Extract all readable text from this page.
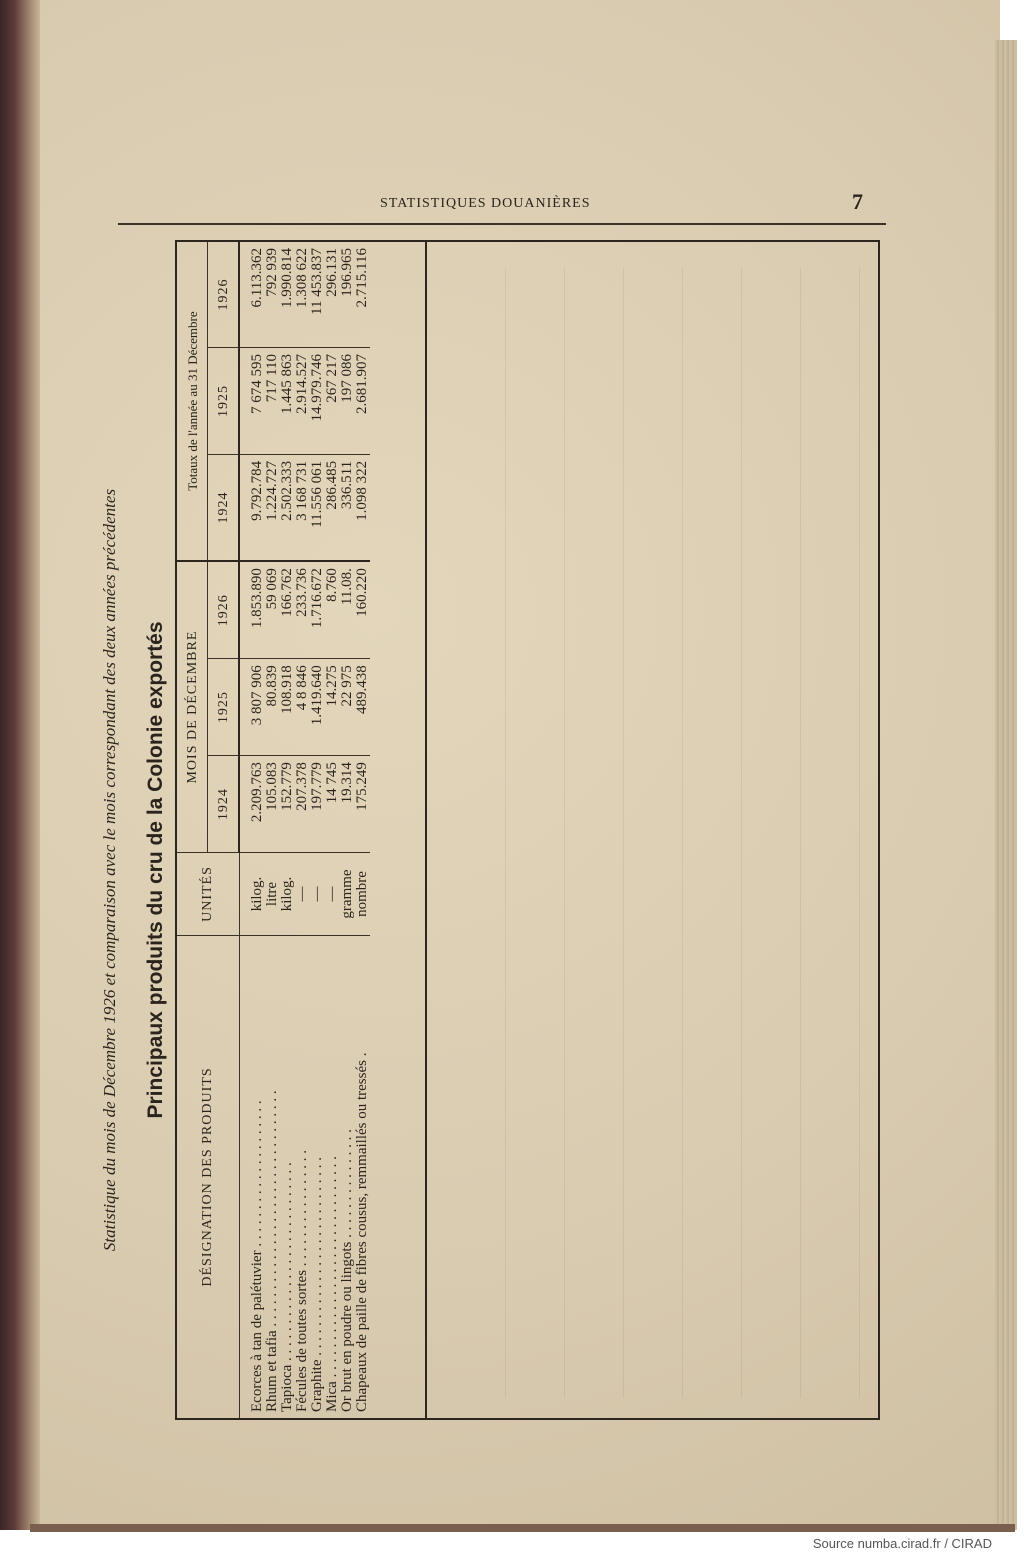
STATISTIQUES DOUANIÈRES	7
Statistique du mois de Décembre 1926 et comparaison avec le mois correspondant des deux années précédentes Principaux produits du cru de la Colonie exportés
DÉSIGNATION DES PRODUITS	UNITÉS	MOIS DE DÉCEMBRE			Totaux de l'année au 31 Décembre		
		1924	1925	1926	1924	1925	1926
Ecorces à tan de palétuvier . . . . . . . . . . . . . . . . . . . .	kilog.	2.209.763	3 807 906	1.853.890	9.792.784	7 674 595	6.113.362
Rhum et tafia . . . . . . . . . . . . . . . . . . . . . . . . . . . . . . . .	litre	105.083	80.839	59 069	1.224.727	717 110	792 939
Tapioca . . . . . . . . . . . . . . . . . . . . . . . . . . .	kilog.	152.779	108.918	166.762	2.502.333	1.445 863	1.990.814
Fécules de toutes sortes . . . . . . . . . . . . . . . .	—	207.378	4 8 846	233.736	3 168 731	2.914.527	1.308 622
Graphite . . . . . . . . . . . . . . . . . . . . . . . . . . .	—	197.779	1.419.640	1.716.672	11.556 061	14.979.746	11 453.837
Mica . . . . . . . . . . . . . . . . . . . . . . . . . . . . . .	—	14 745	14.275	8.760	286.485	267 217	296.131
Or brut en poudre ou lingots . . . . . . . . . . . . . . .	gramme	19.314	22 975	11.08.	336.511	197 086	196.965
Chapeaux de paille de fibres cousus, remmaillés ou tressés .	nombre	175.249	489.438	160.220	1.098 322	2.681.907	2.715.116
Source numba.cirad.fr / CIRAD
